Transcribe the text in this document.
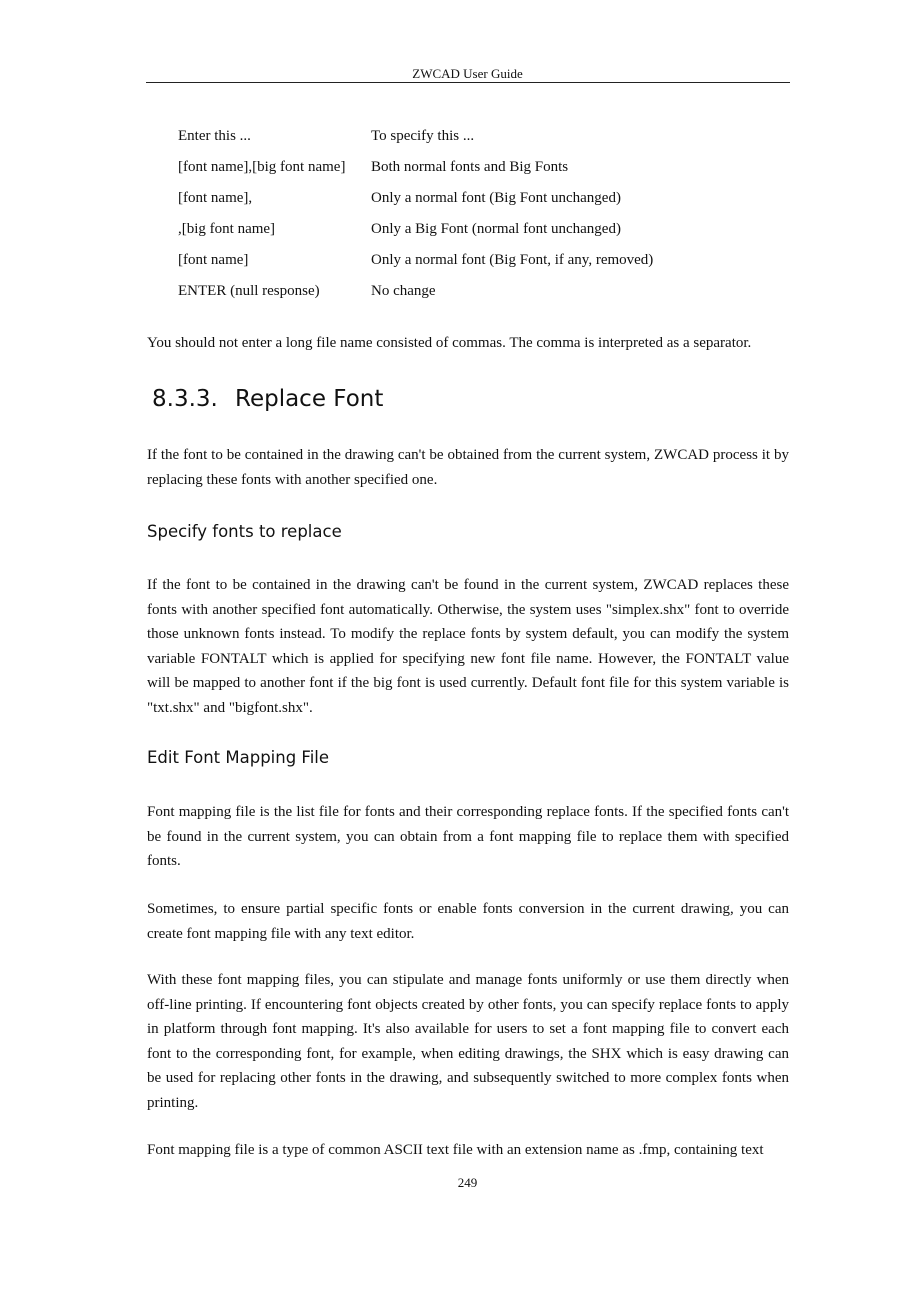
ZWCAD User Guide
Enter this ...	To specify this ...
[font name],[big font name] Both normal fonts and Big Fonts
[font name],	Only a normal font (Big Font unchanged)
,[big font name]	Only a Big Font (normal font unchanged)
[font name]	Only a normal font (Big Font, if any, removed)
ENTER (null response)	No change

You should not enter a long file name consisted of commas. The comma is interpreted as a separator.

8.3.3. Replace Font

If the font to be contained in the drawing can't be obtained from the current system, ZWCAD process it by replacing these fonts with another specified one.

Specify fonts to replace

If the font to be contained in the drawing can't be found in the current system, ZWCAD replaces these fonts with another specified font automatically. Otherwise, the system uses "simplex.shx" font to override those unknown fonts instead. To modify the replace fonts by system default, you can modify the system variable FONTALT which is applied for specifying new font file name. However, the FONTALT value will be mapped to another font if the big font is used currently. Default font file for this system variable is "txt.shx" and "bigfont.shx".

Edit Font Mapping File

Font mapping file is the list file for fonts and their corresponding replace fonts. If the specified fonts can't be found in the current system, you can obtain from a font mapping file to replace them with specified fonts.

Sometimes, to ensure partial specific fonts or enable fonts conversion in the current drawing, you can create font mapping file with any text editor.

With these font mapping files, you can stipulate and manage fonts uniformly or use them directly when off-line printing. If encountering font objects created by other fonts, you can specify replace fonts to apply in platform through font mapping. It's also available for users to set a font mapping file to convert each font to the corresponding font, for example, when editing drawings, the SHX which is easy drawing can be used for replacing other fonts in the drawing, and subsequently switched to more complex fonts when printing.

Font mapping file is a type of common ASCII text file with an extension name as .fmp, containing text

249
